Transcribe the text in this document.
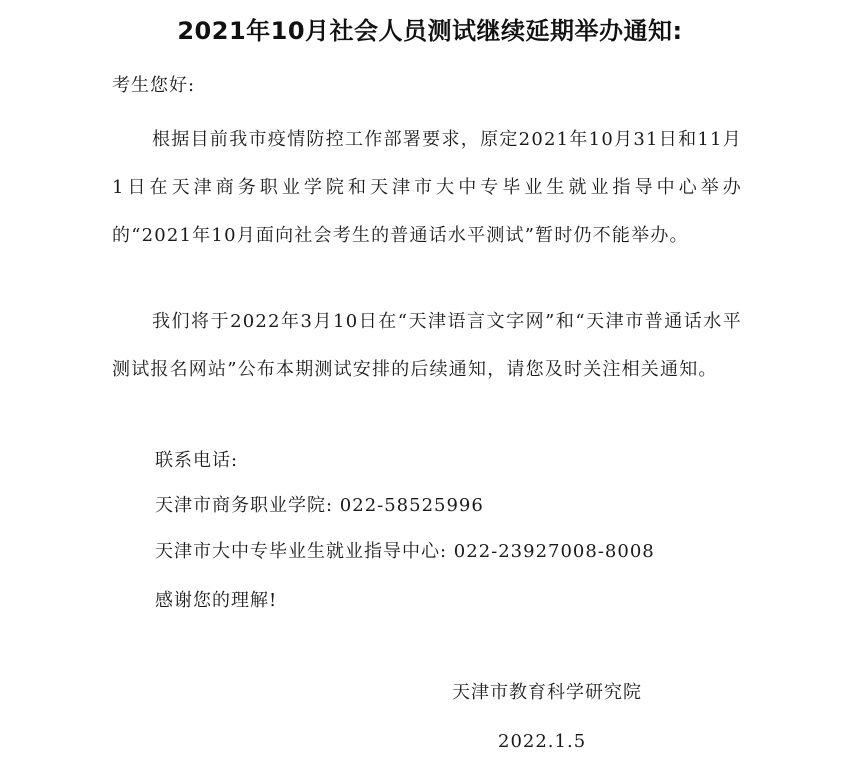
2021年10月社会人员测试继续延期举办通知:
考生您好:

根据目前我市疫情防控工作部署要求，原定2021年10月31日和11月1日在天津商务职业学院和天津市大中专毕业生就业指导中心举办的“2021年10月面向社会考生的普通话水平测试”暂时仍不能举办。

我们将于2022年3月10日在“天津语言文字网”和“天津市普通话水平测试报名网站”公布本期测试安排的后续通知，请您及时关注相关通知。

联系电话:
天津市商务职业学院: 022-58525996
天津市大中专毕业生就业指导中心: 022-23927008-8008
感谢您的理解!
天津市教育科学研究院
2022.1.5
